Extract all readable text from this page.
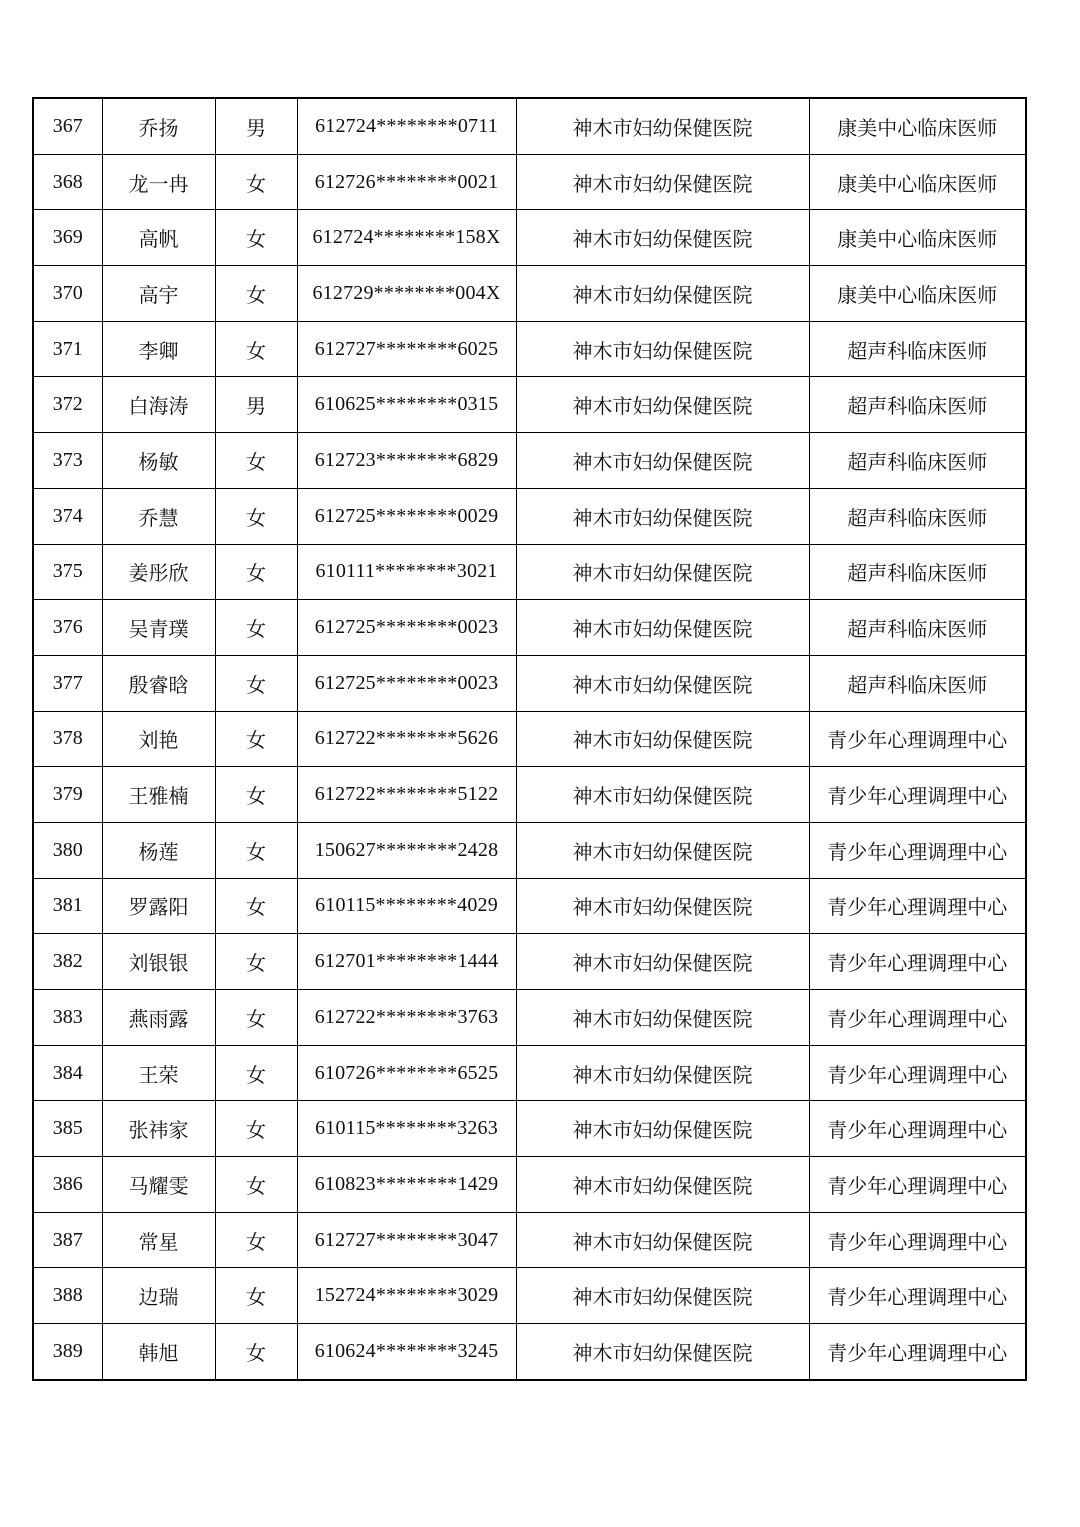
367	乔扬	男	612724********0711	神木市妇幼保健医院	康美中心临床医师
368	龙一冉	女	612726********0021	神木市妇幼保健医院	康美中心临床医师
369	高帆	女	612724********158X	神木市妇幼保健医院	康美中心临床医师
370	高宇	女	612729********004X	神木市妇幼保健医院	康美中心临床医师
371	李卿	女	612727********6025	神木市妇幼保健医院	超声科临床医师
372	白海涛	男	610625********0315	神木市妇幼保健医院	超声科临床医师
373	杨敏	女	612723********6829	神木市妇幼保健医院	超声科临床医师
374	乔慧	女	612725********0029	神木市妇幼保健医院	超声科临床医师
375	姜彤欣	女	610111********3021	神木市妇幼保健医院	超声科临床医师
376	吴青璞	女	612725********0023	神木市妇幼保健医院	超声科临床医师
377	殷睿晗	女	612725********0023	神木市妇幼保健医院	超声科临床医师
378	刘艳	女	612722********5626	神木市妇幼保健医院	青少年心理调理中心
379	王雅楠	女	612722********5122	神木市妇幼保健医院	青少年心理调理中心
380	杨莲	女	150627********2428	神木市妇幼保健医院	青少年心理调理中心
381	罗露阳	女	610115********4029	神木市妇幼保健医院	青少年心理调理中心
382	刘银银	女	612701********1444	神木市妇幼保健医院	青少年心理调理中心
383	燕雨露	女	612722********3763	神木市妇幼保健医院	青少年心理调理中心
384	王荣	女	610726********6525	神木市妇幼保健医院	青少年心理调理中心
385	张祎家	女	610115********3263	神木市妇幼保健医院	青少年心理调理中心
386	马耀雯	女	610823********1429	神木市妇幼保健医院	青少年心理调理中心
387	常星	女	612727********3047	神木市妇幼保健医院	青少年心理调理中心
388	边瑞	女	152724********3029	神木市妇幼保健医院	青少年心理调理中心
389	韩旭	女	610624********3245	神木市妇幼保健医院	青少年心理调理中心
